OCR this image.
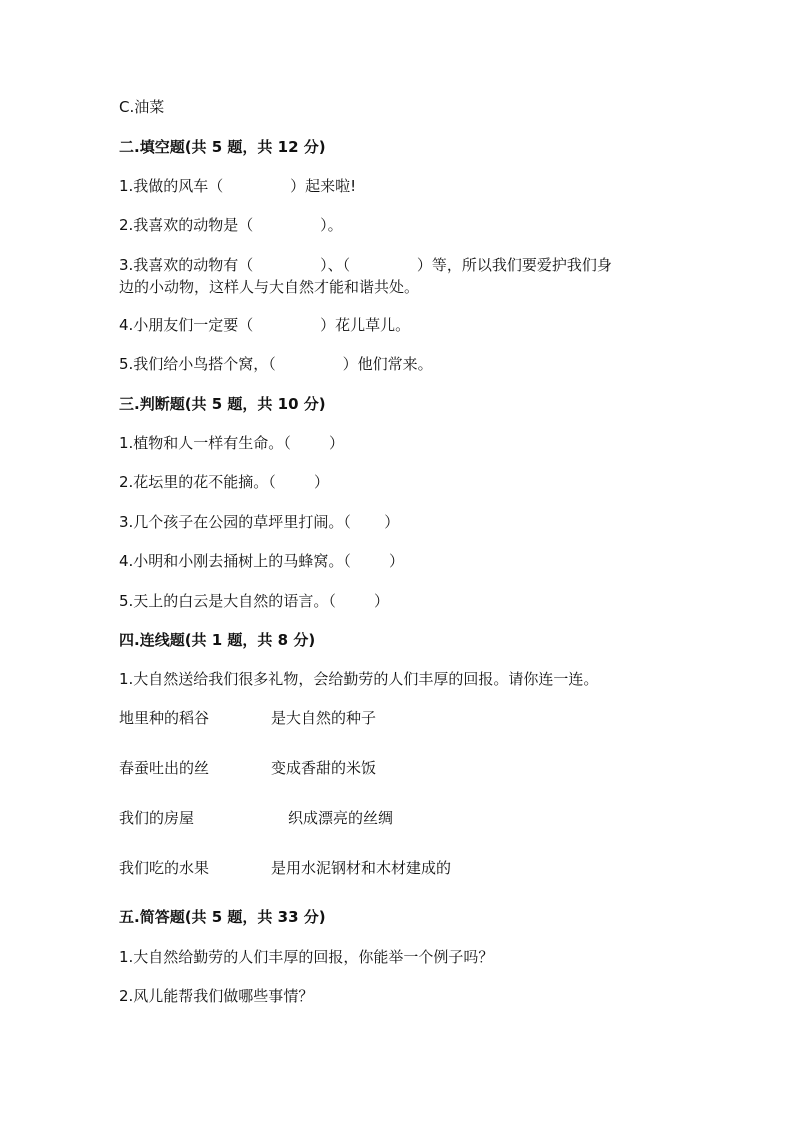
C.油菜
二.填空题(共 5 题，共 12 分)
1.我做的风车（              ）起来啦!
2.我喜欢的动物是（              ）。
3.我喜欢的动物有（              ）、（              ）等，所以我们要爱护我们身
边的小动物，这样人与大自然才能和谐共处。
4.小朋友们一定要（              ）花儿草儿。
5.我们给小鸟搭个窝，（              ）他们常来。
三.判断题(共 5 题，共 10 分)
1.植物和人一样有生命。（        ）
2.花坛里的花不能摘。（        ）
3.几个孩子在公园的草坪里打闹。（       ）
4.小明和小刚去捅树上的马蜂窝。（        ）
5.天上的白云是大自然的语言。（        ）
四.连线题(共 1 题，共 8 分)
1.大自然送给我们很多礼物，会给勤劳的人们丰厚的回报。请你连一连。
地里种的稻谷	是大自然的种子
春蚕吐出的丝	变成香甜的米饭
我们的房屋	织成漂亮的丝绸
我们吃的水果	是用水泥钢材和木材建成的
五.简答题(共 5 题，共 33 分)
1.大自然给勤劳的人们丰厚的回报，你能举一个例子吗？
2.风儿能帮我们做哪些事情？
